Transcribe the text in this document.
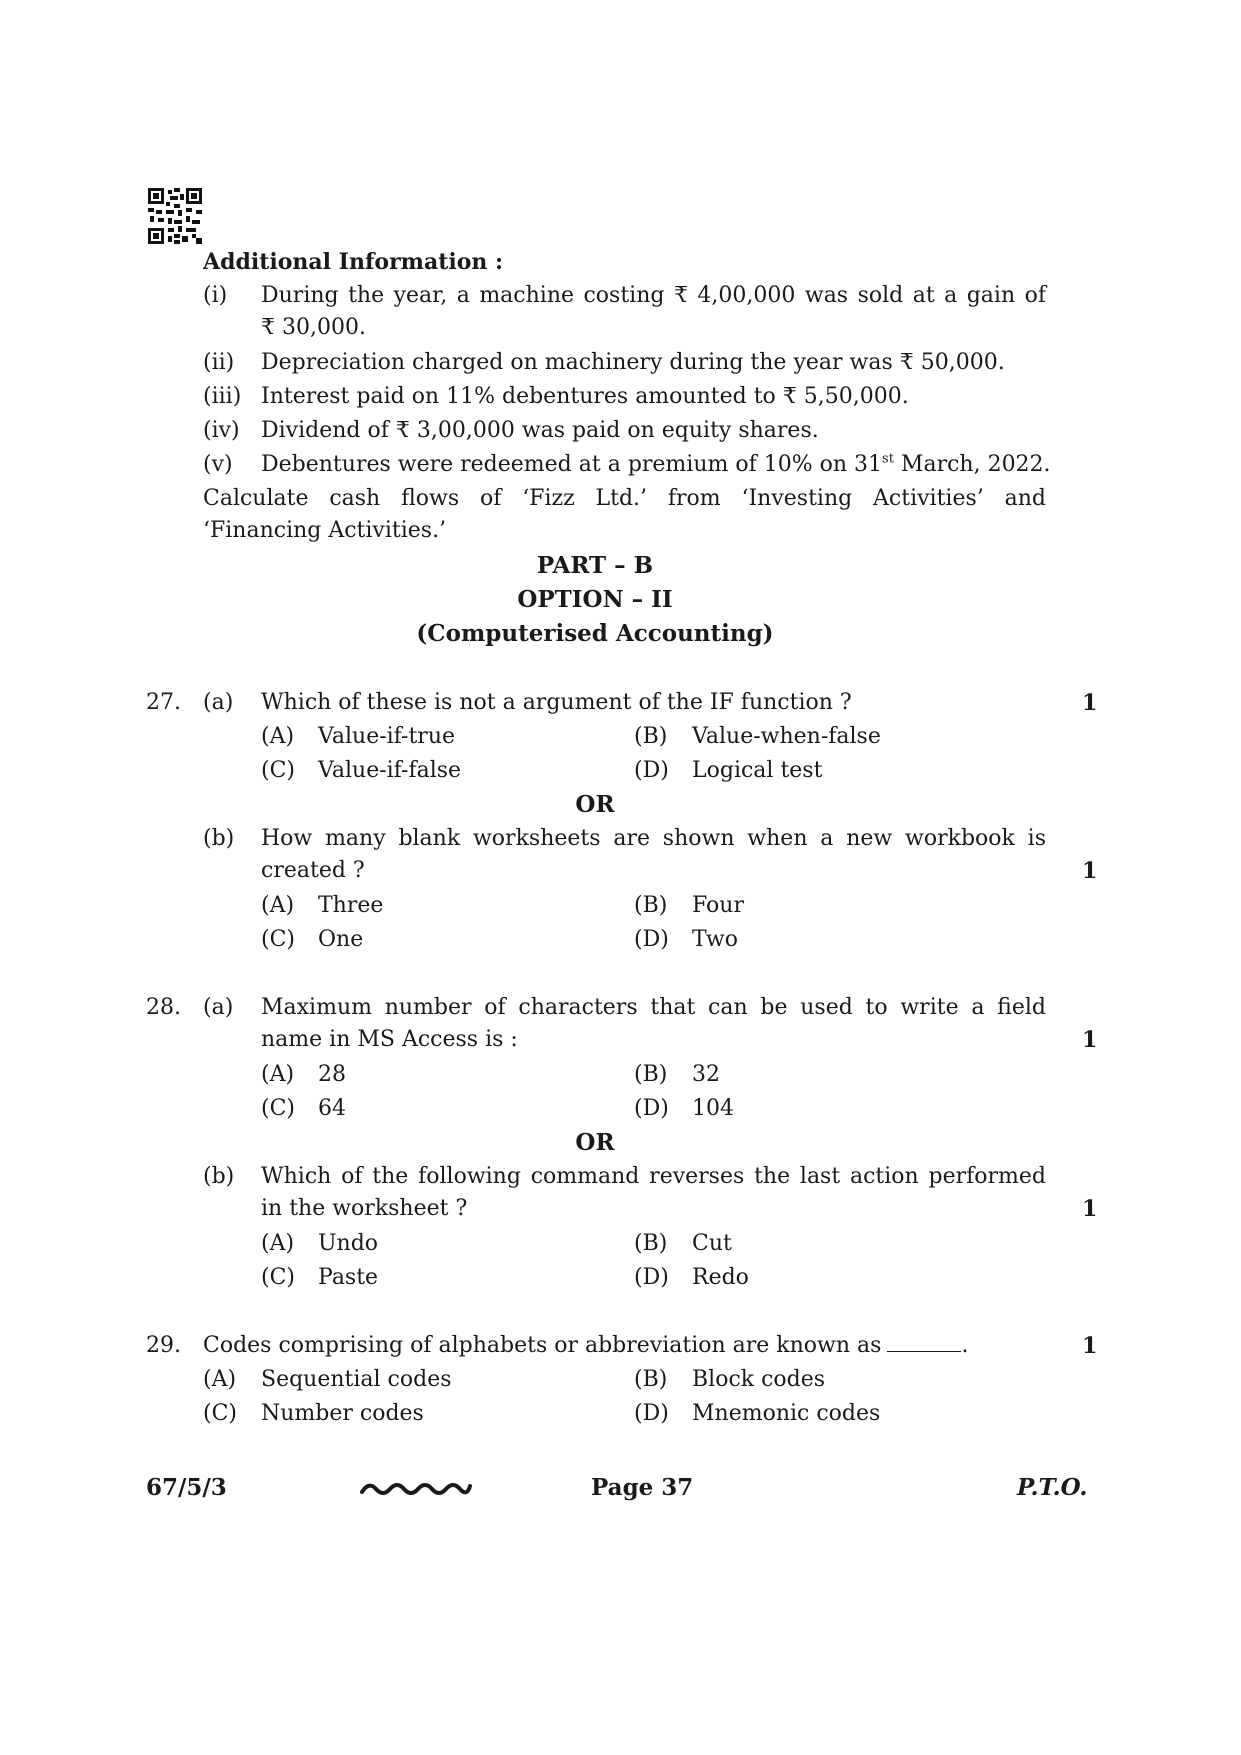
Additional Information :
(i) During the year, a machine costing ₹ 4,00,000 was sold at a gain of
₹ 30,000.
(ii) Depreciation charged on machinery during the year was ₹ 50,000.
(iii) Interest paid on 11% debentures amounted to ₹ 5,50,000.
(iv) Dividend of ₹ 3,00,000 was paid on equity shares.
(v) Debentures were redeemed at a premium of 10% on 31st March, 2022.
Calculate cash flows of ‘Fizz Ltd.’ from ‘Investing Activities’ and
‘Financing Activities.’
PART – B
OPTION – II
(Computerised Accounting)
27. (a) Which of these is not a argument of the IF function ?	1
(A) Value-if-true	(B) Value-when-false
(C) Value-if-false	(D) Logical test
OR
(b) How many blank worksheets are shown when a new workbook is
created ?	1
(A) Three	(B) Four
(C) One	(D) Two
28. (a) Maximum number of characters that can be used to write a field
name in MS Access is :	1
(A) 28	(B) 32
(C) 64	(D) 104
OR
(b) Which of the following command reverses the last action performed
in the worksheet ?	1
(A) Undo	(B) Cut
(C) Paste	(D) Redo
29. Codes comprising of alphabets or abbreviation are known as	.	1
(A) Sequential codes	(B) Block codes
(C) Number codes	(D) Mnemonic codes
67/5/3	Page 37	P.T.O.
